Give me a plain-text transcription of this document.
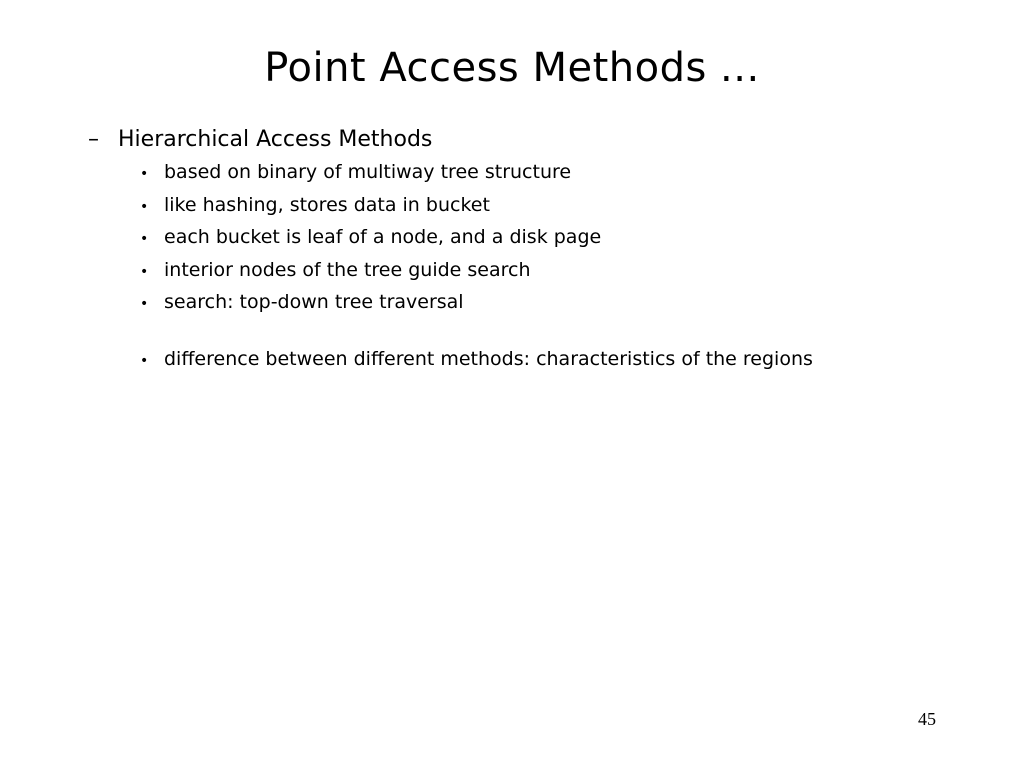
Point Access Methods ...
– Hierarchical Access Methods
• based on binary of multiway tree structure
• like hashing, stores data in bucket
• each bucket is leaf of a node, and a disk page
• interior nodes of the tree guide search
• search: top-down tree traversal
• difference between different methods: characteristics of the regions
45
